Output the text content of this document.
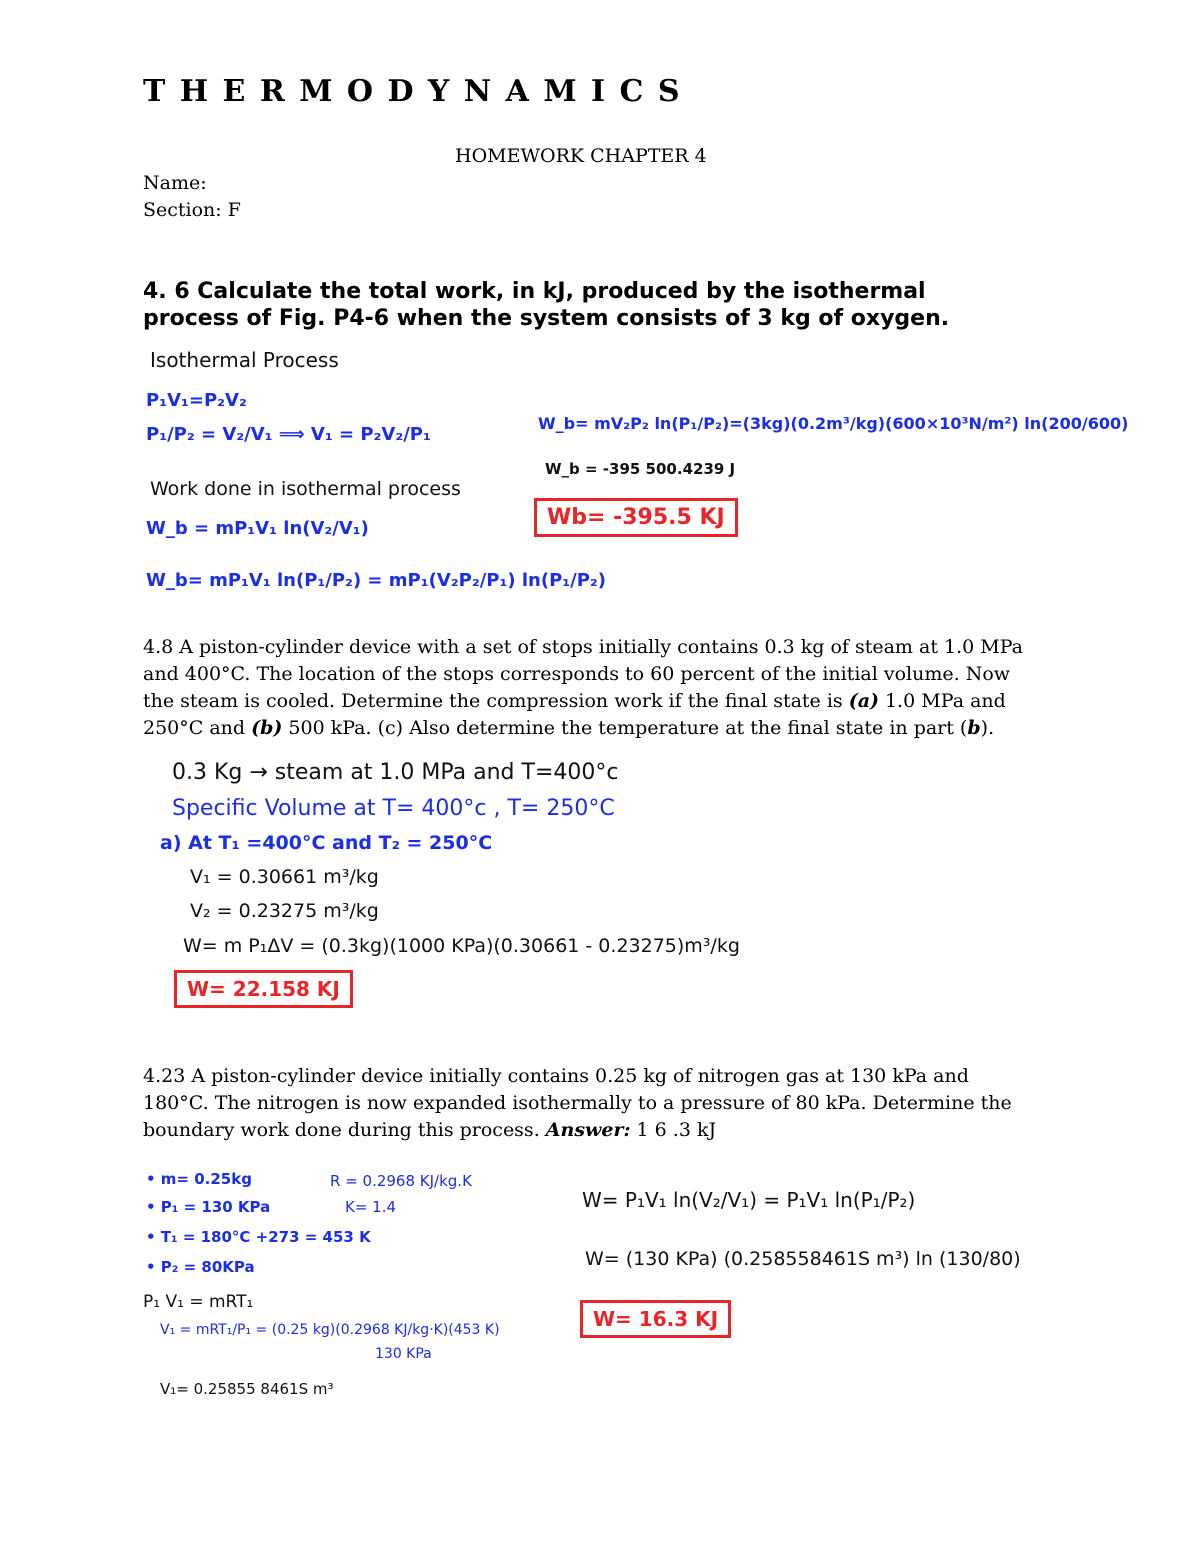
T H E R M O D Y N A M I C S
HOMEWORK CHAPTER 4
Name:
Section: F
4. 6 Calculate the total work, in kJ, produced by the isothermal
process of Fig. P4-6 when the system consists of 3 kg of oxygen.
Isothermal Process
P₁V₁=P₂V₂
P₁/P₂ = V₂/V₁ ⟹ V₁ = P₂V₂/P₁
Work done in isothermal process
W_b = mP₁V₁ ln(V₂/V₁)
W_b= mP₁V₁ ln(P₁/P₂) = mP₁(V₂P₂/P₁) ln(P₁/P₂)
W_b= mV₂P₂ ln(P₁/P₂)=(3kg)(0.2m³/kg)(600×10³N/m²) ln(200/600)
W_b = -395 500.4239 J
Wb= -395.5 KJ
4.8 A piston-cylinder device with a set of stops initially contains 0.3 kg of steam at 1.0 MPa
and 400°C. The location of the stops corresponds to 60 percent of the initial volume. Now
the steam is cooled. Determine the compression work if the final state is (a) 1.0 MPa and
250°C and (b) 500 kPa. (c) Also determine the temperature at the final state in part (b).
0.3 Kg → steam at 1.0 MPa and T=400°c
Specific Volume at T= 400°c , T= 250°C
a) At T₁ =400°C and T₂ = 250°C
V₁ = 0.30661 m³/kg
V₂ = 0.23275 m³/kg
W= m P₁ΔV = (0.3kg)(1000 KPa)(0.30661 - 0.23275)m³/kg
W= 22.158 KJ
4.23 A piston-cylinder device initially contains 0.25 kg of nitrogen gas at 130 kPa and
180°C. The nitrogen is now expanded isothermally to a pressure of 80 kPa. Determine the
boundary work done during this process. Answer: 1 6 .3 kJ
• m= 0.25kg
• P₁ = 130 KPa
• T₁ = 180°C +273 = 453 K
• P₂ = 80KPa
R = 0.2968 KJ/kg.K
K= 1.4
P₁ V₁ = mRT₁
V₁ = mRT₁/P₁ = (0.25 kg)(0.2968 KJ/kg·K)(453 K)
130 KPa
V₁= 0.25855 8461S m³
W= P₁V₁ ln(V₂/V₁) = P₁V₁ ln(P₁/P₂)
W= (130 KPa) (0.258558461S m³) ln (130/80)
W= 16.3 KJ
